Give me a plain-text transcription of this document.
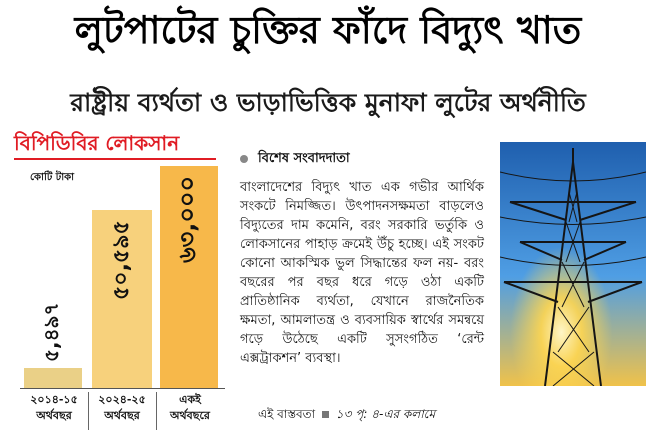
লুটপাটের চুক্তির ফাঁদে বিদ্যুৎ খাত
রাষ্ট্রীয় ব্যর্থতা ও ভাড়াভিত্তিক মুনাফা লুটের অর্থনীতি
বিপিডিবির লোকসান
কোটি টাকা
৫,৪৯৭
৫০,৫৯৫ ৬৩,০০০
২০১৪-১৫
অর্থবছর
২০২৪-২৫
অর্থবছর
একই
অর্থবছরে
বিশেষ সংবাদদাতা
বাংলাদেশের বিদ্যুৎ খাত এক গভীর আর্থিক সংকটে নিমজ্জিত। উৎপাদনসক্ষমতা বাড়লেও বিদ্যুতের দাম কমেনি, বরং সরকারি ভর্তুকি ও লোকসানের পাহাড় ক্রমেই উঁচু হচ্ছে। এই সংকট কোনো আকস্মিক ভুল সিদ্ধান্তের ফল নয়- বরং বছরের পর বছর ধরে গড়ে ওঠা একটি প্রাতিষ্ঠানিক ব্যর্থতা, যেখানে রাজনৈতিক ক্ষমতা, আমলাতন্ত্র ও ব্যবসায়িক স্বার্থের সমন্বয়ে গড়ে উঠেছে একটি সুসংগঠিত ‘রেন্ট এক্সট্রাকশন’ ব্যবস্থা।
এই বাস্তবতা ১৩ পৃ: ৪-এর কলামে
